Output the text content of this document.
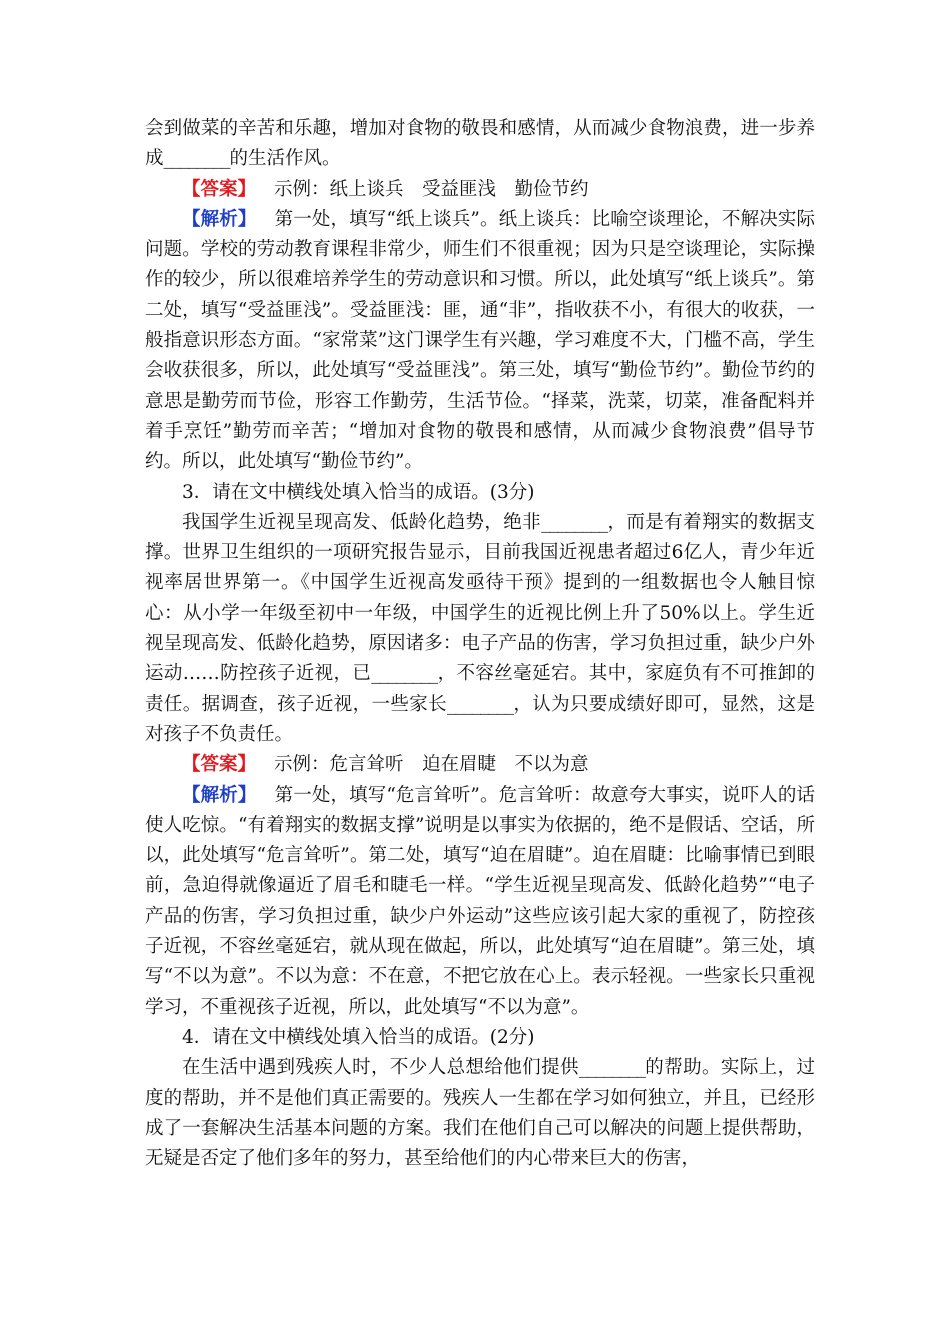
会到做菜的辛苦和乐趣，增加对食物的敬畏和感情，从而减少食物浪费，进一步养成________的生活作风。

【答案】 示例：纸上谈兵　受益匪浅　勤俭节约

【解析】 第一处，填写“纸上谈兵”。纸上谈兵：比喻空谈理论，不解决实际问题。学校的劳动教育课程非常少，师生们不很重视；因为只是空谈理论，实际操作的较少，所以很难培养学生的劳动意识和习惯。所以，此处填写“纸上谈兵”。第二处，填写“受益匪浅”。受益匪浅：匪，通“非”，指收获不小，有很大的收获，一般指意识形态方面。“家常菜”这门课学生有兴趣，学习难度不大，门槛不高，学生会收获很多，所以，此处填写“受益匪浅”。第三处，填写“勤俭节约”。勤俭节约的意思是勤劳而节俭，形容工作勤劳，生活节俭。“择菜，洗菜，切菜，准备配料并着手烹饪”勤劳而辛苦；“增加对食物的敬畏和感情，从而减少食物浪费”倡导节约。所以，此处填写“勤俭节约”。

3．请在文中横线处填入恰当的成语。(3分)

我国学生近视呈现高发、低龄化趋势，绝非________，而是有着翔实的数据支撑。世界卫生组织的一项研究报告显示，目前我国近视患者超过6亿人，青少年近视率居世界第一。《中国学生近视高发亟待干预》提到的一组数据也令人触目惊心：从小学一年级至初中一年级，中国学生的近视比例上升了50%以上。学生近视呈现高发、低龄化趋势，原因诸多：电子产品的伤害，学习负担过重，缺少户外运动……防控孩子近视，已________，不容丝毫延宕。其中，家庭负有不可推卸的责任。据调查，孩子近视，一些家长________，认为只要成绩好即可，显然，这是对孩子不负责任。

【答案】 示例：危言耸听　迫在眉睫　不以为意

【解析】 第一处，填写“危言耸听”。危言耸听：故意夸大事实，说吓人的话使人吃惊。“有着翔实的数据支撑”说明是以事实为依据的，绝不是假话、空话，所以，此处填写“危言耸听”。第二处，填写“迫在眉睫”。迫在眉睫：比喻事情已到眼前，急迫得就像逼近了眉毛和睫毛一样。“学生近视呈现高发、低龄化趋势”“电子产品的伤害，学习负担过重，缺少户外运动”这些应该引起大家的重视了，防控孩子近视，不容丝毫延宕，就从现在做起，所以，此处填写“迫在眉睫”。第三处，填写“不以为意”。不以为意：不在意，不把它放在心上。表示轻视。一些家长只重视学习，不重视孩子近视，所以，此处填写“不以为意”。

4．请在文中横线处填入恰当的成语。(2分)

在生活中遇到残疾人时，不少人总想给他们提供________的帮助。实际上，过度的帮助，并不是他们真正需要的。残疾人一生都在学习如何独立，并且，已经形成了一套解决生活基本问题的方案。我们在他们自己可以解决的问题上提供帮助，无疑是否定了他们多年的努力，甚至给他们的内心带来巨大的伤害，
